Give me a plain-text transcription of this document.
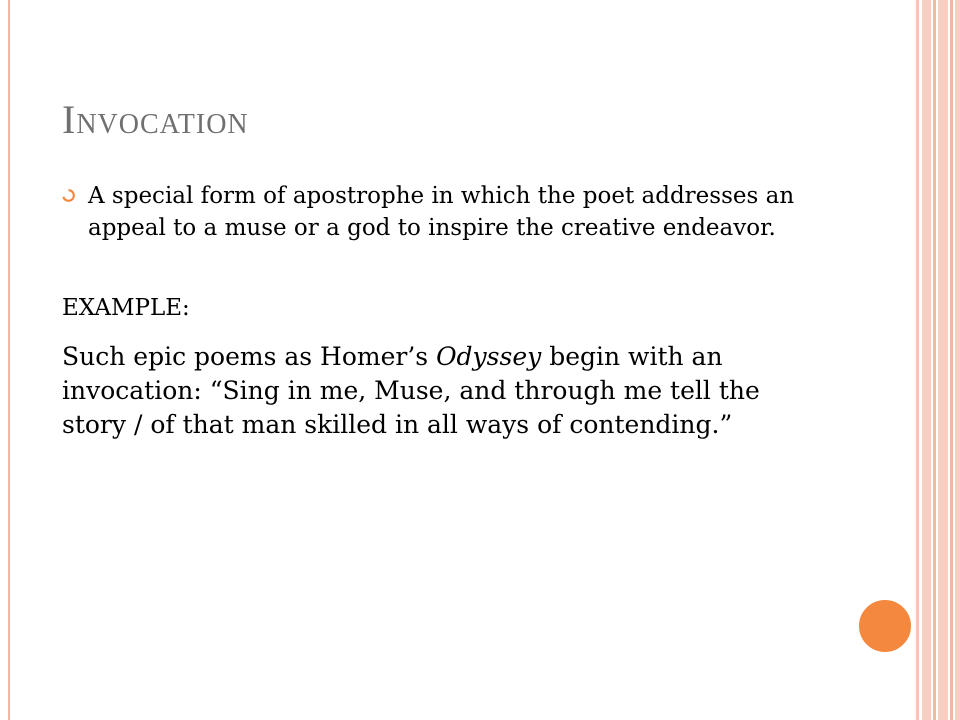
Invocation
A special form of apostrophe in which the poet addresses an appeal to a muse or a god to inspire the creative endeavor.
EXAMPLE:
Such epic poems as Homer’s Odyssey begin with an invocation: “Sing in me, Muse, and through me tell the story / of that man skilled in all ways of contending.”
